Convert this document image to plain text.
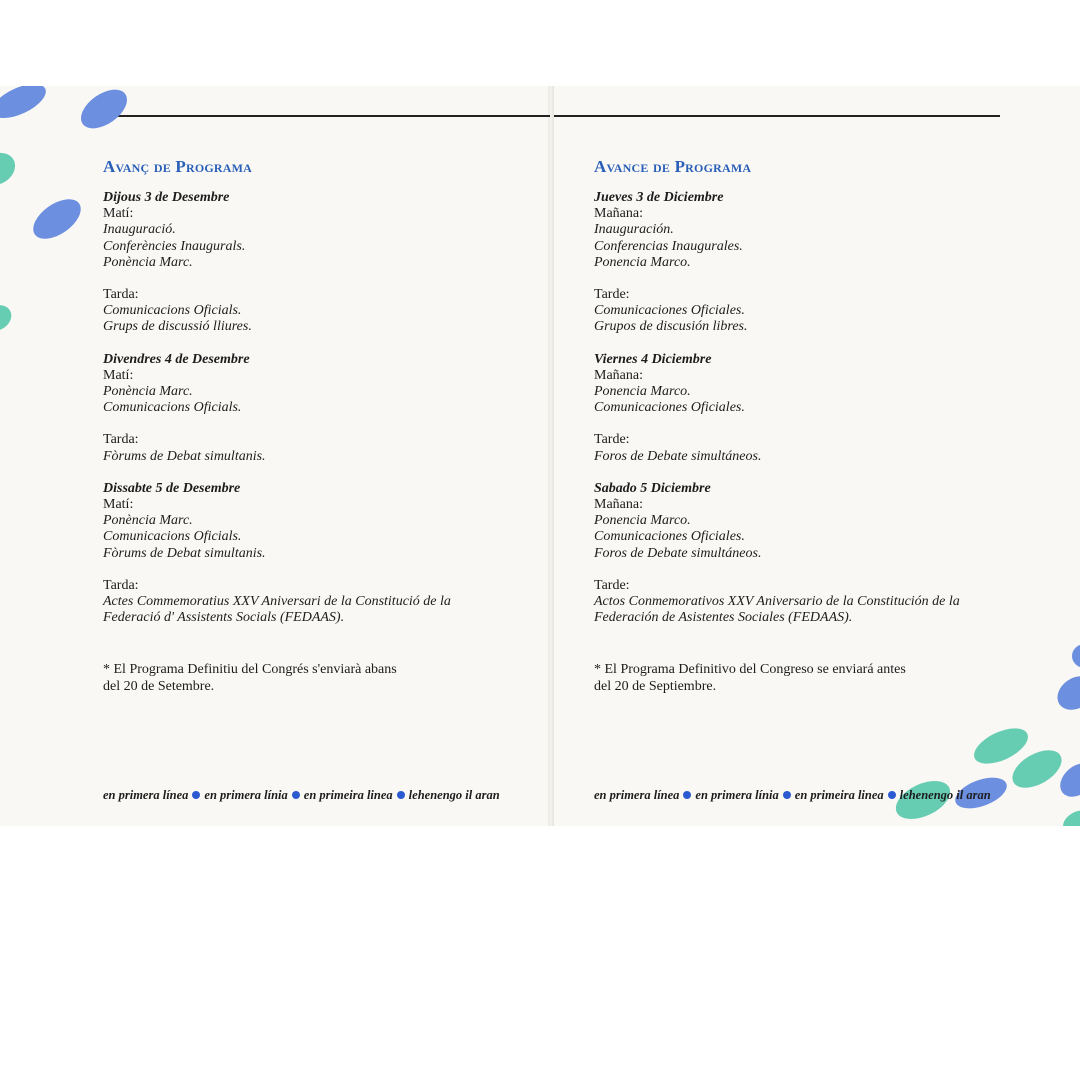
Avanç de Programa
Dijous 3 de Desembre
Matí:
Inauguració.
Conferències Inaugurals.
Ponència Marc.
Tarda:
Comunicacions Oficials.
Grups de discussió lliures.
Divendres 4 de Desembre
Matí:
Ponència Marc.
Comunicacions Oficials.
Tarda:
Fòrums de Debat simultanis.
Dissabte 5 de Desembre
Matí:
Ponència Marc.
Comunicacions Oficials.
Fòrums de Debat simultanis.
Tarda:
Actes Commemoratius XXV Aniversari de la Constitució de la
Federació d' Assistents Socials (FEDAAS).
* El Programa Definitiu del Congrés s'enviarà abans
del 20 de Setembre.
en primera línea en primera línia en primeira linea lehenengo il aran
Avance de Programa
Jueves 3 de Diciembre
Mañana:
Inauguración.
Conferencias Inaugurales.
Ponencia Marco.
Tarde:
Comunicaciones Oficiales.
Grupos de discusión libres.
Viernes 4 Diciembre
Mañana:
Ponencia Marco.
Comunicaciones Oficiales.
Tarde:
Foros de Debate simultáneos.
Sabado 5 Diciembre
Mañana:
Ponencia Marco.
Comunicaciones Oficiales.
Foros de Debate simultáneos.
Tarde:
Actos Conmemorativos XXV Aniversario de la Constitución de la
Federación de Asistentes Sociales (FEDAAS).
* El Programa Definitivo del Congreso se enviará antes
del 20 de Septiembre.
en primera línea en primera línia en primeira linea lehenengo il aran
